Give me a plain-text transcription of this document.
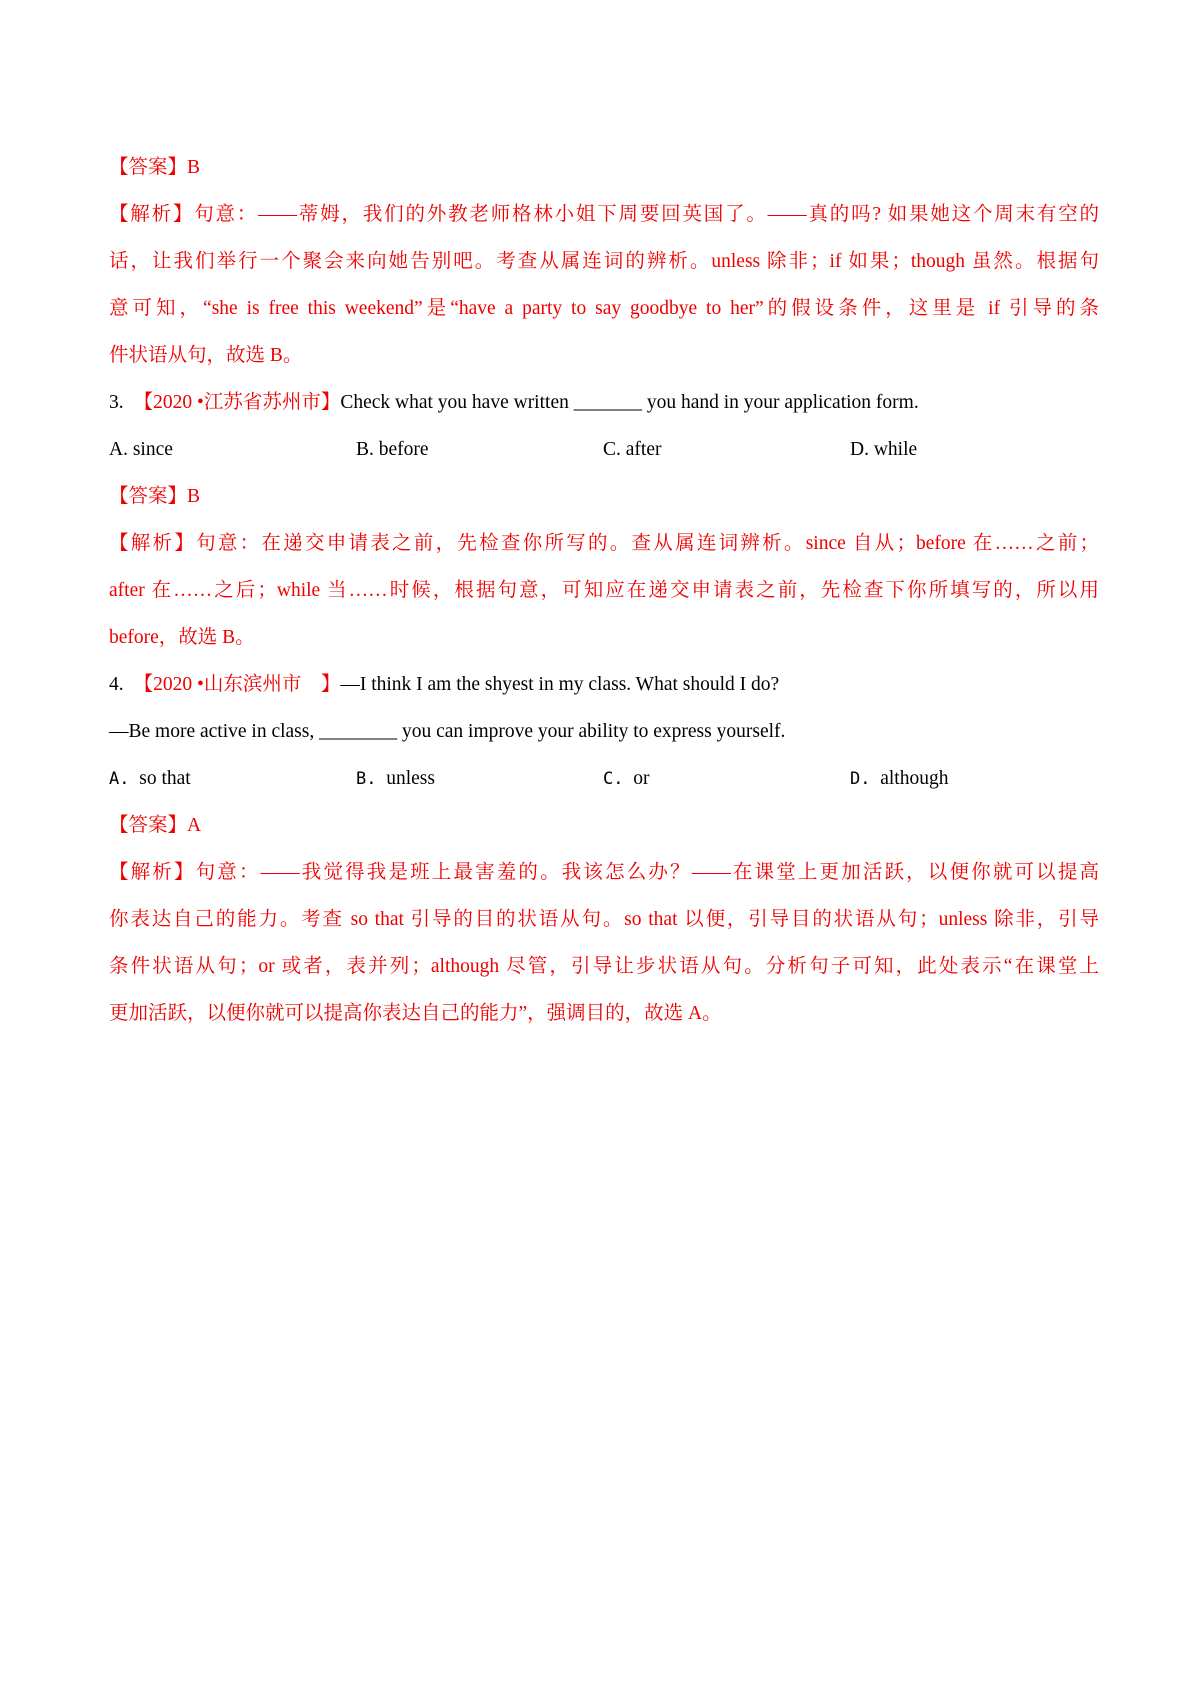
【答案】B
【解析】句意：——蒂姆，我们的外教老师格林小姐下周要回英国了。——真的吗? 如果她这个周末有空的
话，让我们举行一个聚会来向她告别吧。考查从属连词的辨析。unless 除非；if 如果；though 虽然。根据句
意可知，“she is free this weekend”是“have a party to say goodbye to her”的假设条件，这里是 if 引导的条
件状语从句，故选 B。
3. 【2020 •江苏省苏州市】Check what you have written _______ you hand in your application form.
A. since	B. before	C. after	D. while
【答案】B
【解析】句意：在递交申请表之前，先检查你所写的。查从属连词辨析。since 自从；before 在……之前；
after 在……之后；while 当……时候，根据句意，可知应在递交申请表之前，先检查下你所填写的，所以用
before，故选 B。
4. 【2020 •山东滨州市　】—I think I am the shyest in my class. What should I do?
—Be more active in class, ________ you can improve your ability to express yourself.
A. so that	B. unless	C. or	D. although
【答案】A
【解析】句意：——我觉得我是班上最害羞的。我该怎么办？——在课堂上更加活跃，以便你就可以提高
你表达自己的能力。考查 so that 引导的目的状语从句。so that 以便，引导目的状语从句；unless 除非，引导
条件状语从句；or 或者，表并列；although 尽管，引导让步状语从句。分析句子可知，此处表示“在课堂上
更加活跃，以便你就可以提高你表达自己的能力”，强调目的，故选 A。
